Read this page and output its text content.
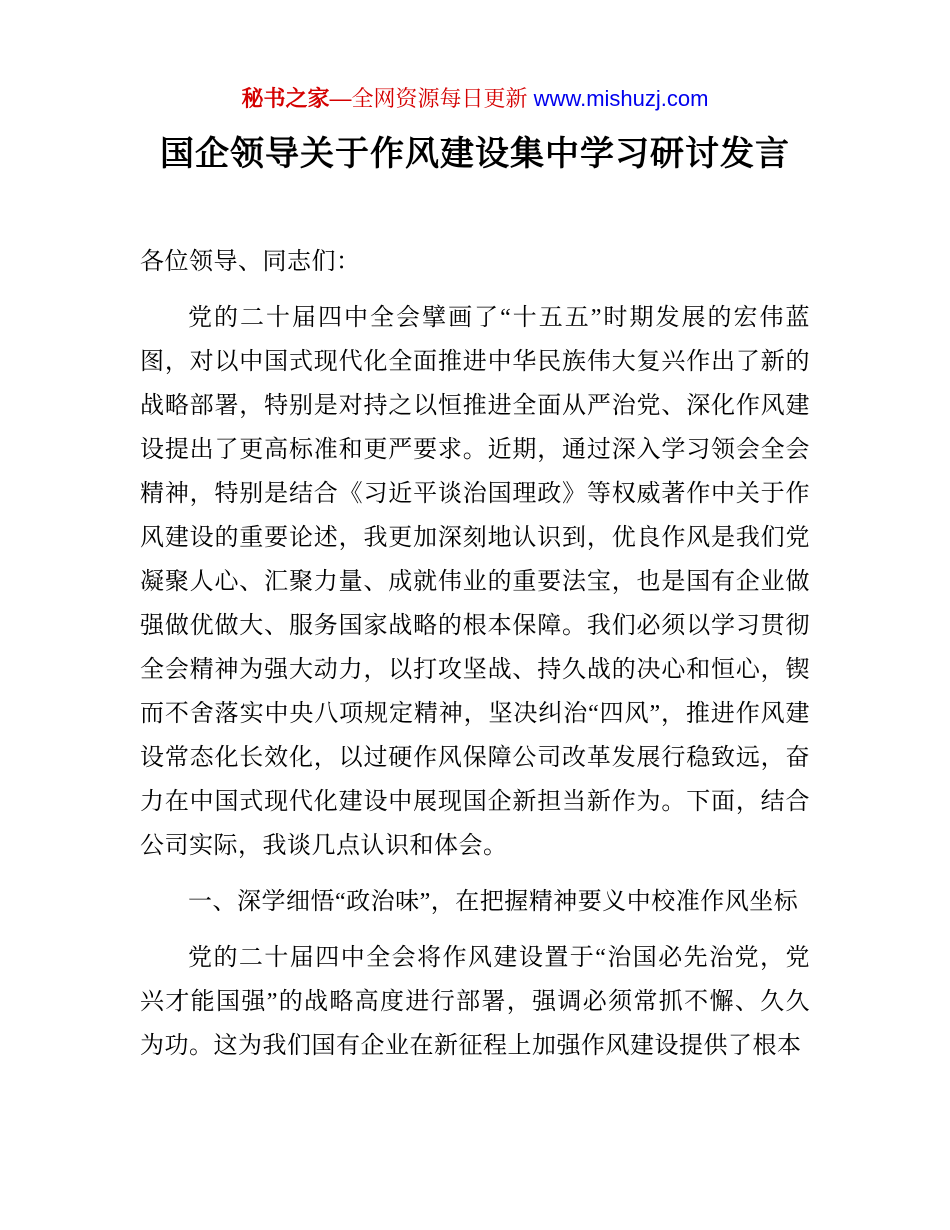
秘书之家—全网资源每日更新 www.mishuzj.com
国企领导关于作风建设集中学习研讨发言

各位领导、同志们：

党的二十届四中全会擘画了“十五五”时期发展的宏伟蓝图，对以中国式现代化全面推进中华民族伟大复兴作出了新的战略部署，特别是对持之以恒推进全面从严治党、深化作风建设提出了更高标准和更严要求。近期，通过深入学习领会全会精神，特别是结合《习近平谈治国理政》等权威著作中关于作风建设的重要论述，我更加深刻地认识到，优良作风是我们党凝聚人心、汇聚力量、成就伟业的重要法宝，也是国有企业做强做优做大、服务国家战略的根本保障。我们必须以学习贯彻全会精神为强大动力，以打攻坚战、持久战的决心和恒心，锲而不舍落实中央八项规定精神，坚决纠治“四风”，推进作风建设常态化长效化，以过硬作风保障公司改革发展行稳致远，奋力在中国式现代化建设中展现国企新担当新作为。下面，结合公司实际，我谈几点认识和体会。

一、深学细悟“政治味”，在把握精神要义中校准作风坐标

党的二十届四中全会将作风建设置于“治国必先治党，党兴才能国强”的战略高度进行部署，强调必须常抓不懈、久久为功。这为我们国有企业在新征程上加强作风建设提供了根本
